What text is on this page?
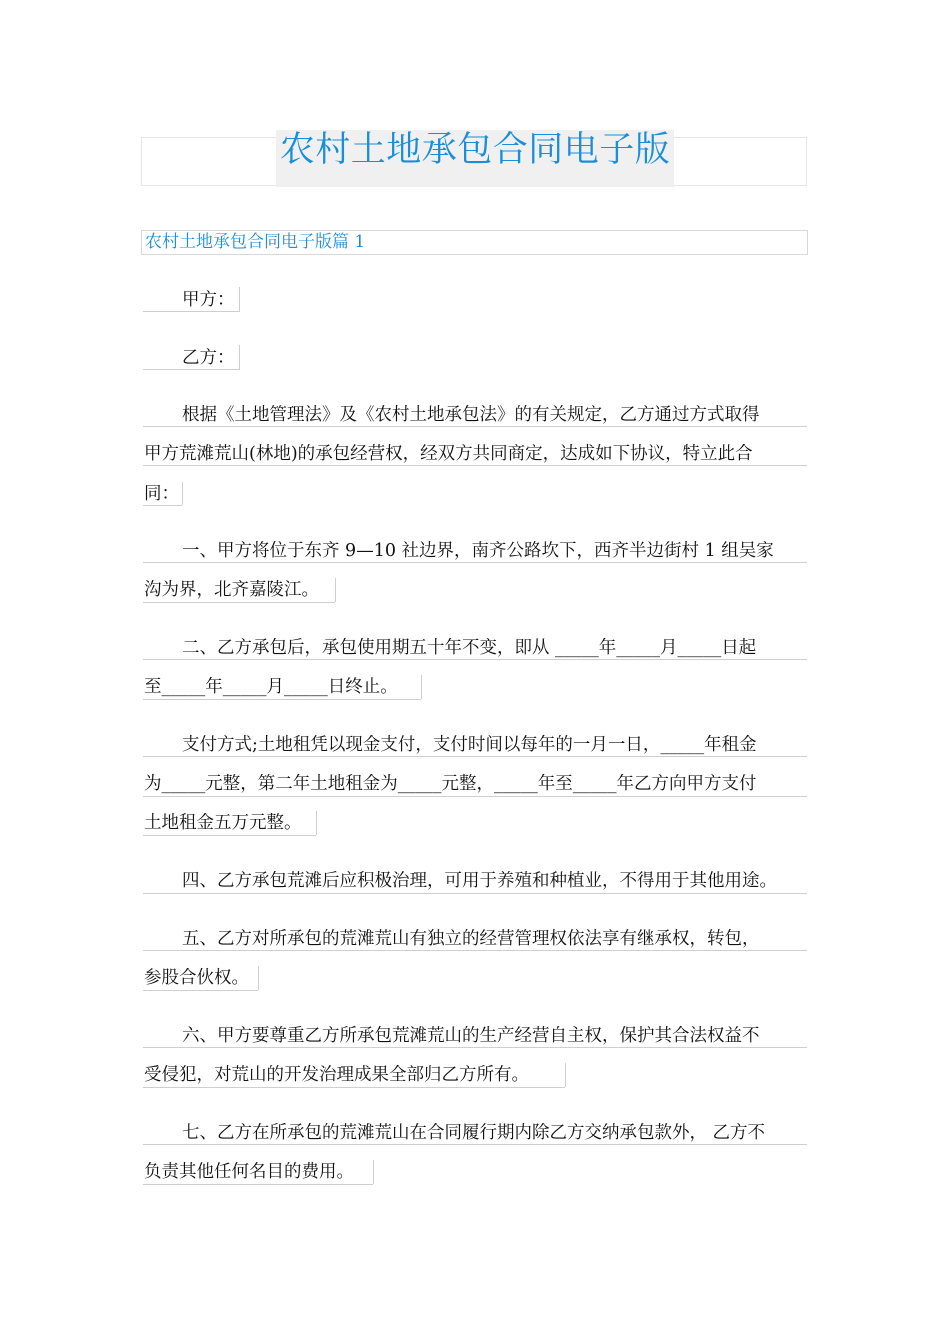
农村土地承包合同电子版
农村土地承包合同电子版篇 1
甲方：
乙方：
根据《土地管理法》及《农村土地承包法》的有关规定，乙方通过方式取得
甲方荒滩荒山(林地)的承包经营权，经双方共同商定，达成如下协议，特立此合
同：
一、甲方将位于东齐 9—10 社边界，南齐公路坎下，西齐半边街村 1 组吴家
沟为界，北齐嘉陵江。
二、乙方承包后，承包使用期五十年不变，即从 _____年_____月_____日起
至_____年_____月_____日终止。
支付方式;土地租凭以现金支付，支付时间以每年的一月一日，_____年租金
为_____元整，第二年土地租金为_____元整，_____年至_____年乙方向甲方支付
土地租金五万元整。
四、乙方承包荒滩后应积极治理，可用于养殖和种植业，不得用于其他用途。
五、乙方对所承包的荒滩荒山有独立的经营管理权依法享有继承权，转包，
参股合伙权。
六、甲方要尊重乙方所承包荒滩荒山的生产经营自主权，保护其合法权益不
受侵犯，对荒山的开发治理成果全部归乙方所有。
七、乙方在所承包的荒滩荒山在合同履行期内除乙方交纳承包款外， 乙方不
负责其他任何名目的费用。
